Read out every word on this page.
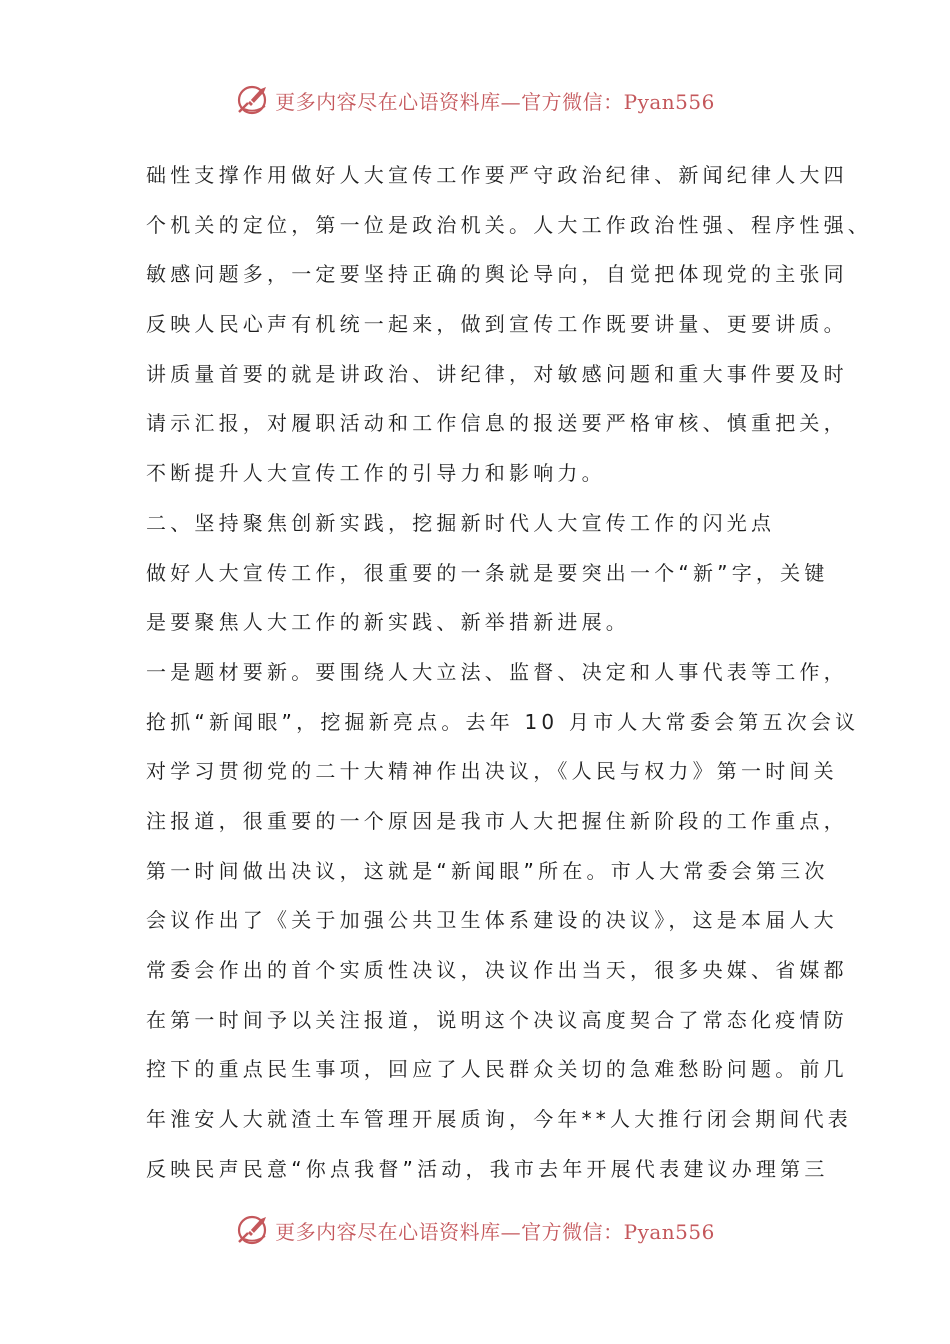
更多内容尽在心语资料库—官方微信：Pyan556
础性支撑作用做好人大宣传工作要严守政治纪律、新闻纪律人大四
个机关的定位，第一位是政治机关。人大工作政治性强、程序性强、
敏感问题多，一定要坚持正确的舆论导向，自觉把体现党的主张同
反映人民心声有机统一起来，做到宣传工作既要讲量、更要讲质。
讲质量首要的就是讲政治、讲纪律，对敏感问题和重大事件要及时
请示汇报，对履职活动和工作信息的报送要严格审核、慎重把关，
不断提升人大宣传工作的引导力和影响力。
二、坚持聚焦创新实践，挖掘新时代人大宣传工作的闪光点
做好人大宣传工作，很重要的一条就是要突出一个“新”字，关键
是要聚焦人大工作的新实践、新举措新进展。
一是题材要新。要围绕人大立法、监督、决定和人事代表等工作，
抢抓“新闻眼”，挖掘新亮点。去年 10 月市人大常委会第五次会议
对学习贯彻党的二十大精神作出决议，《人民与权力》第一时间关
注报道，很重要的一个原因是我市人大把握住新阶段的工作重点，
第一时间做出决议，这就是“新闻眼”所在。市人大常委会第三次
会议作出了《关于加强公共卫生体系建设的决议》，这是本届人大
常委会作出的首个实质性决议，决议作出当天，很多央媒、省媒都
在第一时间予以关注报道，说明这个决议高度契合了常态化疫情防
控下的重点民生事项，回应了人民群众关切的急难愁盼问题。前几
年淮安人大就渣土车管理开展质询，今年**人大推行闭会期间代表
反映民声民意“你点我督”活动，我市去年开展代表建议办理第三
更多内容尽在心语资料库—官方微信：Pyan556
